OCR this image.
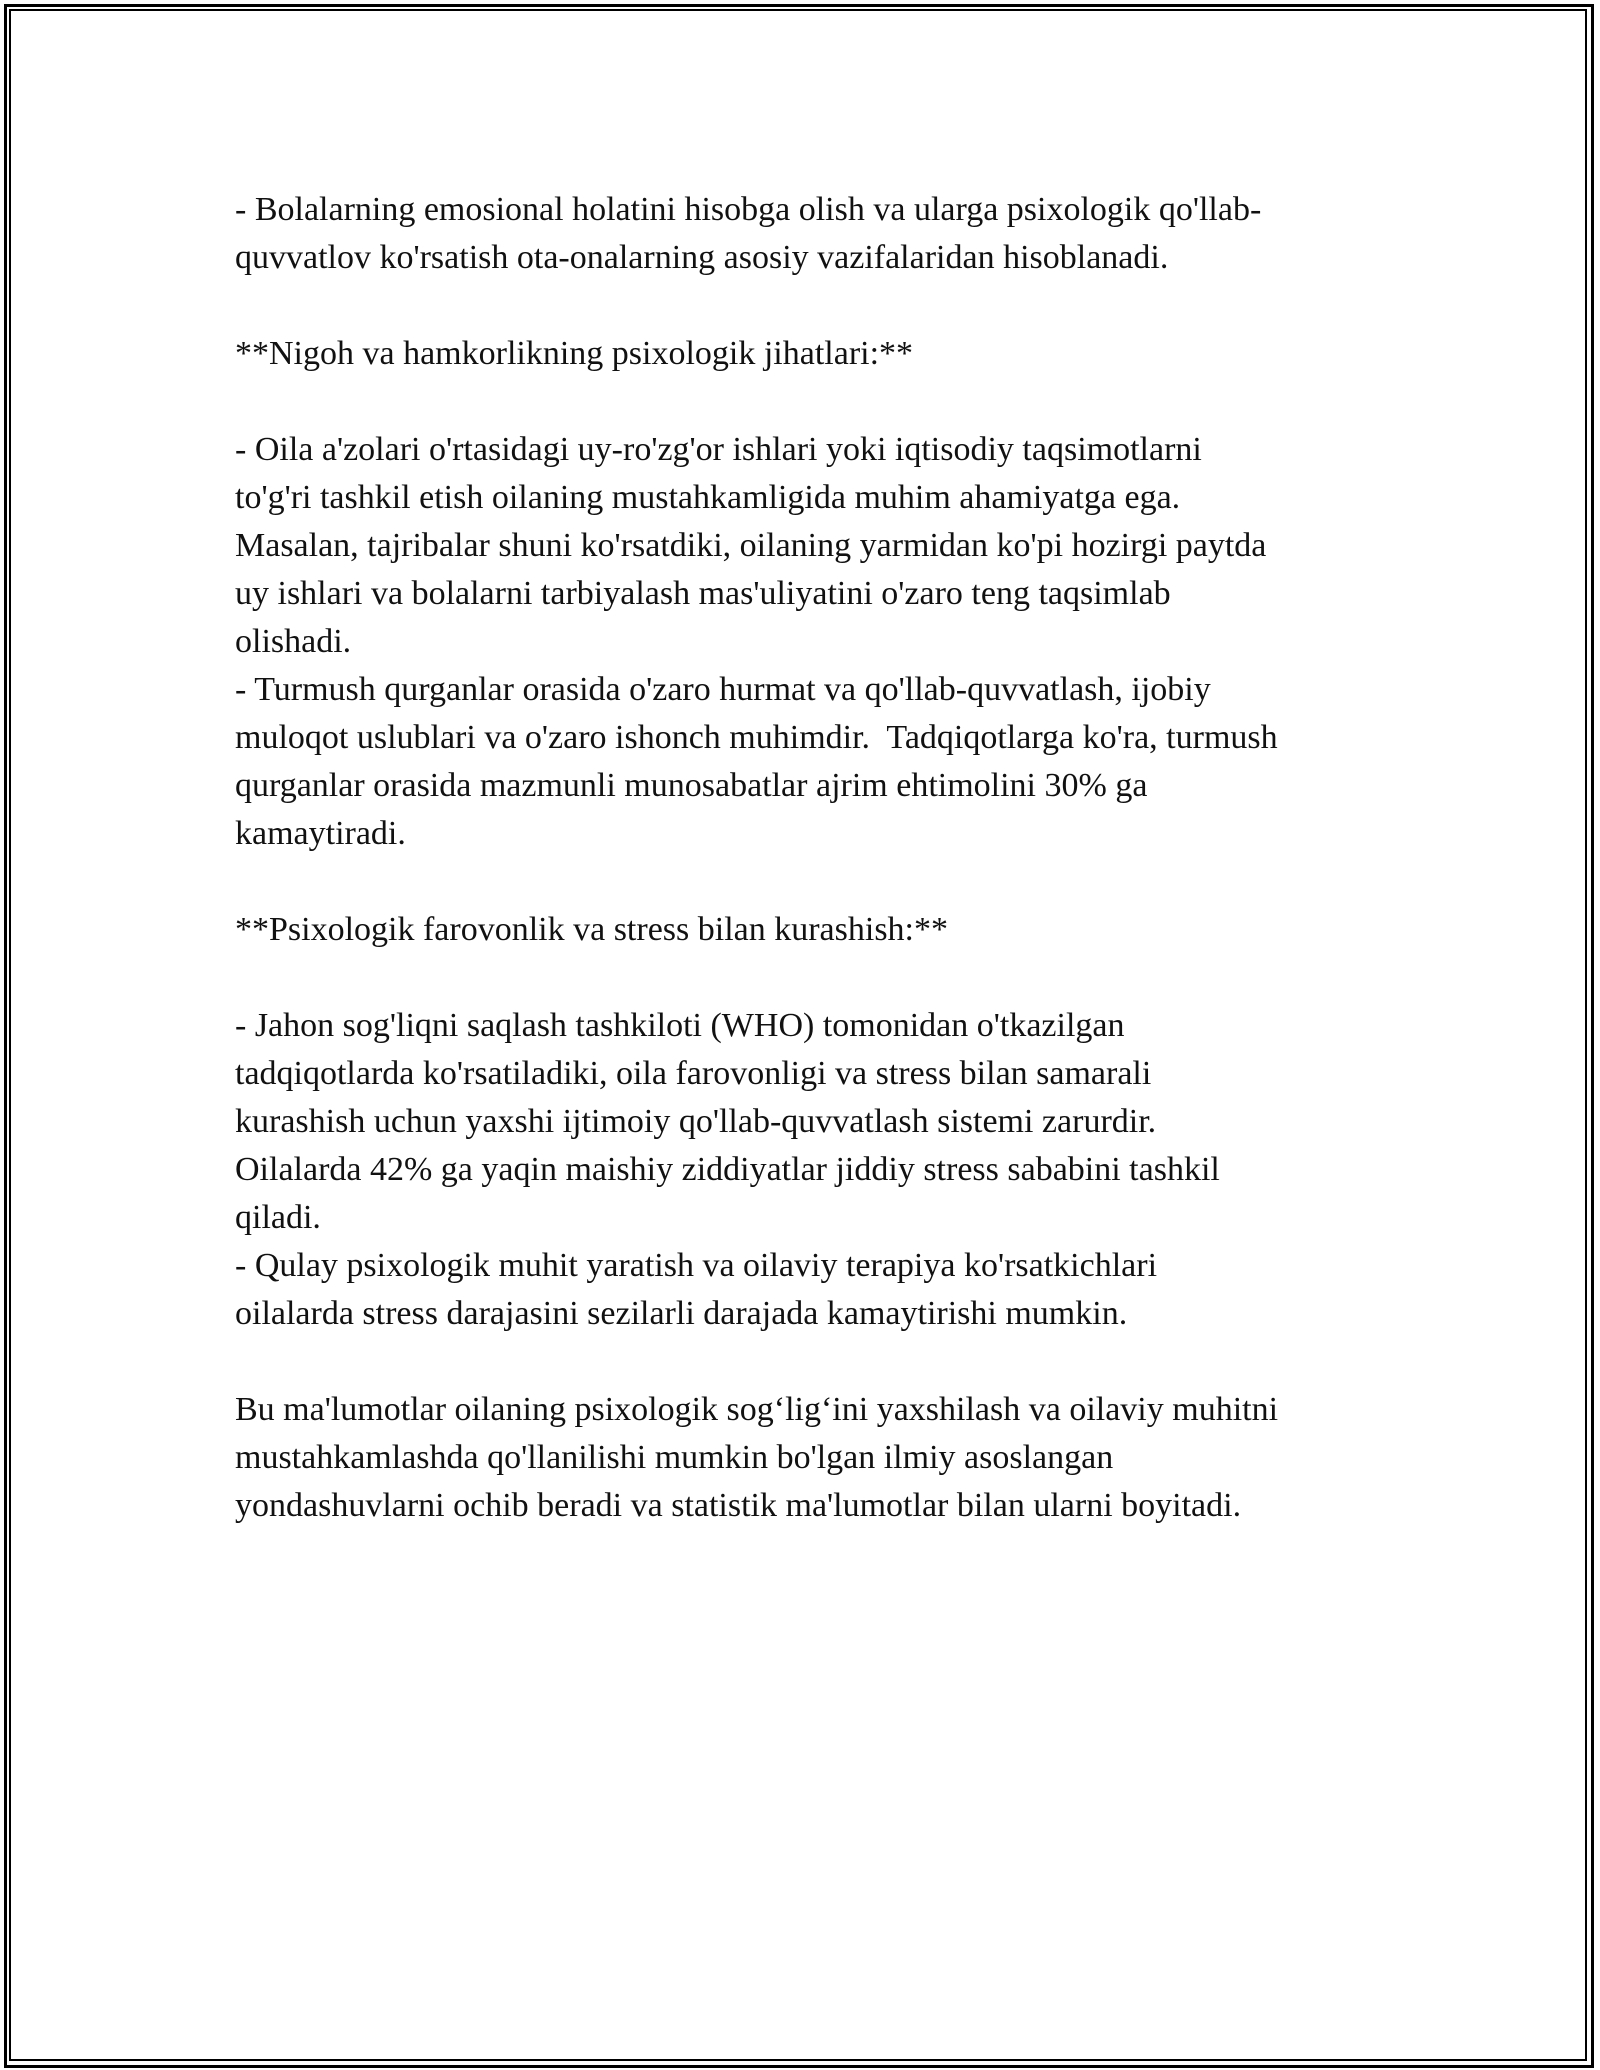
- Bolalarning emosional holatini hisobga olish va ularga psixologik qo'llab-
quvvatlov ko'rsatish ota-onalarning asosiy vazifalaridan hisoblanadi.
**Nigoh va hamkorlikning psixologik jihatlari:**
- Oila a'zolari o'rtasidagi uy-ro'zg'or ishlari yoki iqtisodiy taqsimotlarni
to'g'ri tashkil etish oilaning mustahkamligida muhim ahamiyatga ega.
Masalan, tajribalar shuni ko'rsatdiki, oilaning yarmidan ko'pi hozirgi paytda
uy ishlari va bolalarni tarbiyalash mas'uliyatini o'zaro teng taqsimlab
olishadi.
- Turmush qurganlar orasida o'zaro hurmat va qo'llab-quvvatlash, ijobiy
muloqot uslublari va o'zaro ishonch muhimdir.  Tadqiqotlarga ko'ra, turmush
qurganlar orasida mazmunli munosabatlar ajrim ehtimolini 30% ga
kamaytiradi.
**Psixologik farovonlik va stress bilan kurashish:**
- Jahon sog'liqni saqlash tashkiloti (WHO) tomonidan o'tkazilgan
tadqiqotlarda ko'rsatiladiki, oila farovonligi va stress bilan samarali
kurashish uchun yaxshi ijtimoiy qo'llab-quvvatlash sistemi zarurdir.
Oilalarda 42% ga yaqin maishiy ziddiyatlar jiddiy stress sababini tashkil
qiladi.
- Qulay psixologik muhit yaratish va oilaviy terapiya ko'rsatkichlari
oilalarda stress darajasini sezilarli darajada kamaytirishi mumkin.
Bu ma'lumotlar oilaning psixologik sog‘lig‘ini yaxshilash va oilaviy muhitni
mustahkamlashda qo'llanilishi mumkin bo'lgan ilmiy asoslangan
yondashuvlarni ochib beradi va statistik ma'lumotlar bilan ularni boyitadi.
